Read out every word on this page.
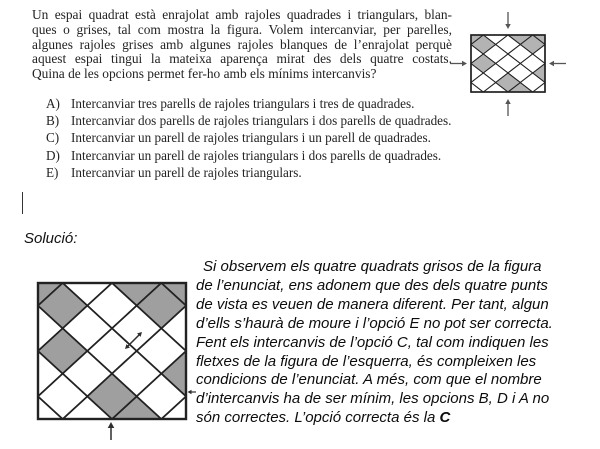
Un espai quadrat està enrajolat amb rajoles quadrades i triangulars, blan-
ques o grises, tal com mostra la figura. Volem intercanviar, per parelles,
algunes rajoles grises amb algunes rajoles blanques de l’enrajolat perquè
aquest espai tingui la mateixa aparença mirat des dels quatre costats.
Quina de les opcions permet fer-ho amb els mínims intercanvis?
A) Intercanviar tres parells de rajoles triangulars i tres de quadrades.
B) Intercanviar dos parells de rajoles triangulars i dos parells de quadrades.
C) Intercanviar un parell de rajoles triangulars i un parell de quadrades.
D) Intercanviar un parell de rajoles triangulars i dos parells de quadrades.
E) Intercanviar un parell de rajoles triangulars.
Solució:
Si observem els quatre quadrats grisos de la figura
de l’enunciat, ens adonem que des dels quatre punts
de vista es veuen de manera diferent. Per tant, algun
d’ells s’haurà de moure i l’opció E no pot ser correcta.
Fent els intercanvis de l’opció C, tal com indiquen les
fletxes de la figura de l’esquerra, és compleixen les
condicions de l’enunciat. A més, com que el nombre
d’intercanvis ha de ser mínim, les opcions B, D i A no
són correctes. L’opció correcta és la C
